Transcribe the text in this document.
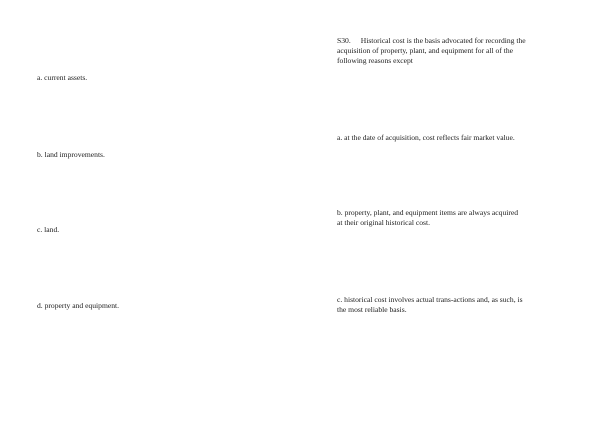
a. current assets.

b. land improvements.

c. land.

d. property and equipment.

S30. Historical cost is the basis advocated for recording the
acquisition of property, plant, and equipment for all of the
following reasons except

a. at the date of acquisition, cost reflects fair market value.

b. property, plant, and equipment items are always acquired
at their original historical cost.

c. historical cost involves actual trans-actions and, as such, is
the most reliable basis.
